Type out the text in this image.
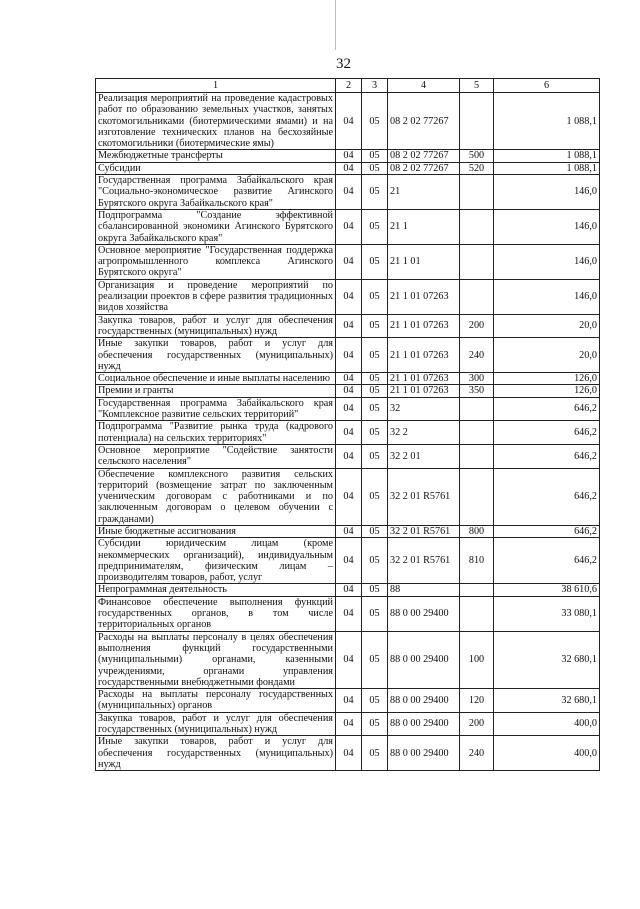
32
1	2	3	4	5	6
Реализация мероприятий на проведение кадастровых работ по образованию земельных участков, занятых скотомогильниками (биотермическими ямами) и на изготовление технических планов на бесхозяйные скотомогильники (биотермические ямы)	04	05	08 2 02 77267		1 088,1
Межбюджетные трансферты	04	05	08 2 02 77267	500	1 088,1
Субсидии	04	05	08 2 02 77267	520	1 088,1
Государственная программа Забайкальского края "Социально-экономическое развитие Агинского Бурятского округа Забайкальского края"	04	05	21		146,0
Подпрограмма "Создание эффективной сбалансированной экономики Агинского Бурятского округа Забайкальского края"	04	05	21 1		146,0
Основное мероприятие "Государственная поддержка агропромышленного комплекса Агинского Бурятского округа"	04	05	21 1 01		146,0
Организация и проведение мероприятий по реализации проектов в сфере развития традиционных видов хозяйства	04	05	21 1 01 07263		146,0
Закупка товаров, работ и услуг для обеспечения государственных (муниципальных) нужд	04	05	21 1 01 07263	200	20,0
Иные закупки товаров, работ и услуг для обеспечения государственных (муниципальных) нужд	04	05	21 1 01 07263	240	20,0
Социальное обеспечение и иные выплаты населению	04	05	21 1 01 07263	300	126,0
Премии и гранты	04	05	21 1 01 07263	350	126,0
Государственная программа Забайкальского края "Комплексное развитие сельских территорий"	04	05	32		646,2
Подпрограмма "Развитие рынка труда (кадрового потенциала) на сельских территориях"	04	05	32 2		646,2
Основное мероприятие "Содействие занятости сельского населения"	04	05	32 2 01		646,2
Обеспечение комплексного развития сельских территорий (возмещение затрат по заключенным ученическим договорам с работниками и по заключенным договорам о целевом обучении с гражданами)	04	05	32 2 01 R5761		646,2
Иные бюджетные ассигнования	04	05	32 2 01 R5761	800	646,2
Субсидии юридическим лицам (кроме некоммерческих организаций), индивидуальным предпринимателям, физическим лицам – производителям товаров, работ, услуг	04	05	32 2 01 R5761	810	646,2
Непрограммная деятельность	04	05	88		38 610,6
Финансовое обеспечение выполнения функций государственных органов, в том числе территориальных органов	04	05	88 0 00 29400		33 080,1
Расходы на выплаты персоналу в целях обеспечения выполнения функций государственными (муниципальными) органами, казенными учреждениями, органами управления государственными внебюджетными фондами	04	05	88 0 00 29400	100	32 680,1
Расходы на выплаты персоналу государственных (муниципальных) органов	04	05	88 0 00 29400	120	32 680,1
Закупка товаров, работ и услуг для обеспечения государственных (муниципальных) нужд	04	05	88 0 00 29400	200	400,0
Иные закупки товаров, работ и услуг для обеспечения государственных (муниципальных) нужд	04	05	88 0 00 29400	240	400,0
